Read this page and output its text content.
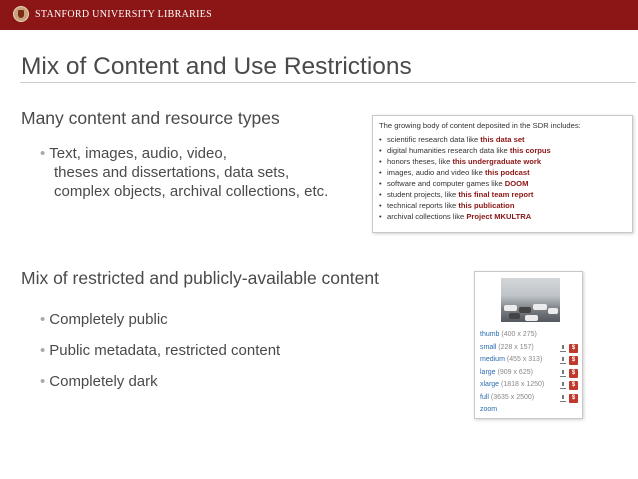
STANFORD UNIVERSITY LIBRARIES
Mix of Content and Use Restrictions
Many content and resource types
• Text, images, audio, video,
theses and dissertations, data sets,
complex objects, archival collections, etc.
The growing body of content deposited in the SDR includes:
• scientific research data like this data set
• digital humanities research data like this corpus
• honors theses, like this undergraduate work
• images, audio and video like this podcast
• software and computer games like DOOM
• student projects, like this final team report
• technical reports like this publication
• archival collections like Project MKULTRA
Mix of restricted and publicly-available content
• Completely public
• Public metadata, restricted content
• Completely dark
thumb (400 x 275)
small (228 x 157)	$
medium (455 x 313)	$
large (909 x 625)	$
xlarge (1818 x 1250)	$
full (3635 x 2500)	$
zoom
